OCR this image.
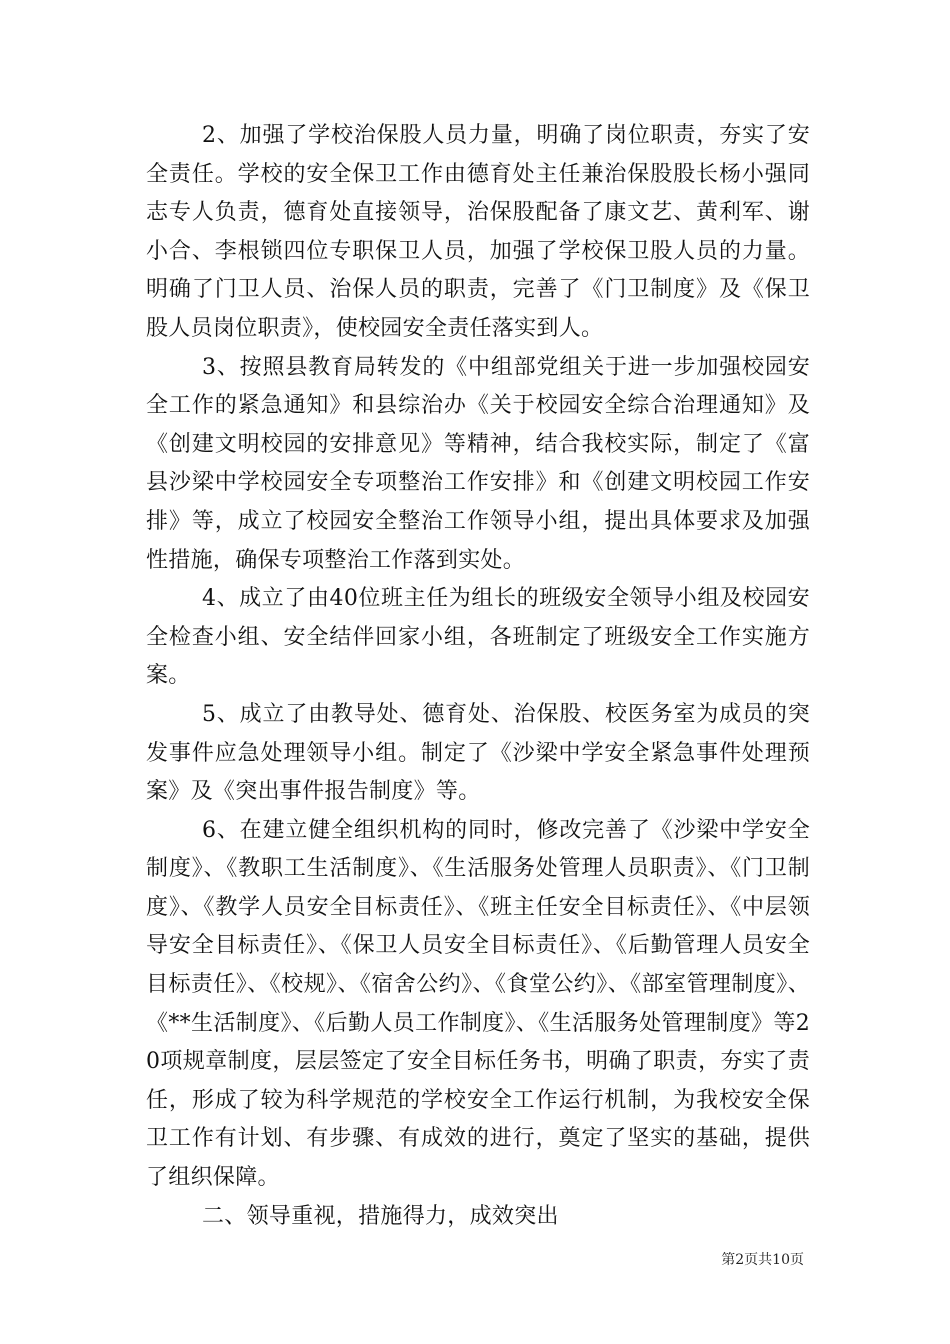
2、加强了学校治保股人员力量，明确了岗位职责，夯实了安全责任。学校的安全保卫工作由德育处主任兼治保股股长杨小强同志专人负责，德育处直接领导，治保股配备了康文艺、黄利军、谢小合、李根锁四位专职保卫人员，加强了学校保卫股人员的力量。明确了门卫人员、治保人员的职责，完善了《门卫制度》及《保卫股人员岗位职责》，使校园安全责任落实到人。

3、按照县教育局转发的《中组部党组关于进一步加强校园安全工作的紧急通知》和县综治办《关于校园安全综合治理通知》及《创建文明校园的安排意见》等精神，结合我校实际，制定了《富县沙梁中学校园安全专项整治工作安排》和《创建文明校园工作安排》等，成立了校园安全整治工作领导小组，提出具体要求及加强性措施，确保专项整治工作落到实处。

4、成立了由40位班主任为组长的班级安全领导小组及校园安全检查小组、安全结伴回家小组，各班制定了班级安全工作实施方案。

5、成立了由教导处、德育处、治保股、校医务室为成员的突发事件应急处理领导小组。制定了《沙梁中学安全紧急事件处理预案》及《突出事件报告制度》等。

6、在建立健全组织机构的同时，修改完善了《沙梁中学安全制度》、《教职工生活制度》、《生活服务处管理人员职责》、《门卫制度》、《教学人员安全目标责任》、《班主任安全目标责任》、《中层领导安全目标责任》、《保卫人员安全目标责任》、《后勤管理人员安全目标责任》、《校规》、《宿舍公约》、《食堂公约》、《部室管理制度》、《**生活制度》、《后勤人员工作制度》、《生活服务处管理制度》等20项规章制度，层层签定了安全目标任务书，明确了职责，夯实了责任，形成了较为科学规范的学校安全工作运行机制，为我校安全保卫工作有计划、有步骤、有成效的进行，奠定了坚实的基础，提供了组织保障。

二、领导重视，措施得力，成效突出

第2页共10页
